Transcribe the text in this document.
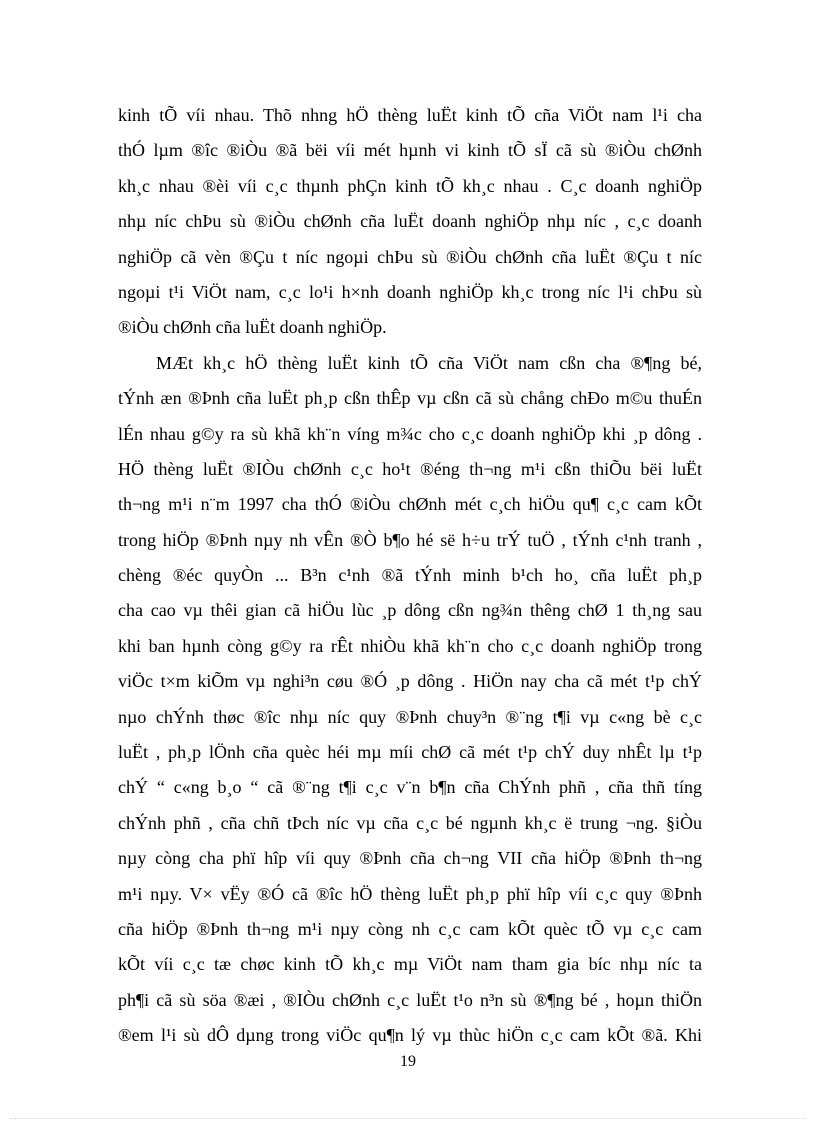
kinh tÕ víi nhau. Thõ nhng hÖ thèng luËt kinh tÕ cña ViÖt nam l¹i cha
thÓ lµm ®îc ®iÒu ®ã bëi víi mét hµnh vi kinh tÕ sÏ cã sù ®iÒu chØnh
kh¸c nhau ®èi víi c¸c thµnh phÇn kinh tÕ kh¸c nhau . C¸c doanh nghiÖp
nhµ níc chÞu sù ®iÒu chØnh cña luËt doanh nghiÖp nhµ níc , c¸c doanh
nghiÖp cã vèn ®Çu t níc ngoµi chÞu sù ®iÒu chØnh cña luËt ®Çu t níc
ngoµi t¹i ViÖt nam, c¸c lo¹i h×nh doanh nghiÖp kh¸c trong níc l¹i chÞu sù
®iÒu chØnh cña luËt doanh nghiÖp.
MÆt kh¸c hÖ thèng luËt kinh tÕ cña ViÖt nam cßn cha ®¶ng bé,
tÝnh æn ®Þnh cña luËt ph¸p cßn thÊp vµ cßn cã sù chång chÐo m©u thuÉn
lÉn nhau g©y ra sù khã kh¨n víng m¾c cho c¸c doanh nghiÖp khi ¸p dông .
HÖ thèng luËt ®IÒu chØnh c¸c ho¹t ®éng th¬ng m¹i cßn thiÕu bëi luËt
th¬ng m¹i n¨m 1997 cha thÓ ®iÒu chØnh mét c¸ch hiÖu qu¶ c¸c cam kÕt
trong hiÖp ®Þnh nµy nh vÊn ®Ò b¶o hé së h÷u trÝ tuÖ , tÝnh c¹nh tranh ,
chèng ®éc quyÒn ... B³n c¹nh ®ã tÝnh minh b¹ch ho¸ cña luËt ph¸p
cha cao vµ thêi gian cã hiÖu lùc ¸p dông cßn ng¾n thêng chØ 1 th¸ng sau
khi ban hµnh còng g©y ra rÊt nhiÒu khã kh¨n cho c¸c doanh nghiÖp trong
viÖc t×m kiÕm vµ nghi³n cøu ®Ó ¸p dông . HiÖn nay cha cã mét t¹p chÝ
nµo chÝnh thøc ®îc nhµ níc quy ®Þnh chuy³n ®¨ng t¶i vµ c«ng bè c¸c
luËt , ph¸p lÖnh cña quèc héi mµ míi chØ cã mét t¹p chÝ duy nhÊt lµ t¹p
chÝ “ c«ng b¸o “ cã ®¨ng t¶i c¸c v¨n b¶n cña ChÝnh phñ , cña thñ tíng
chÝnh phñ , cña chñ tÞch níc vµ cña c¸c bé ngµnh kh¸c ë trung ¬ng. §iÒu
nµy còng cha phï hîp víi quy ®Þnh cña ch¬ng VII cña hiÖp ®Þnh th¬ng
m¹i nµy. V× vËy ®Ó cã ®îc hÖ thèng luËt ph¸p phï hîp víi c¸c quy ®Þnh
cña hiÖp ®Þnh th¬ng m¹i nµy còng nh c¸c cam kÕt quèc tÕ vµ c¸c cam
kÕt víi c¸c tæ chøc kinh tÕ kh¸c mµ ViÖt nam tham gia bíc nhµ níc ta
ph¶i cã sù söa ®æi , ®IÒu chØnh c¸c luËt t¹o n³n sù ®¶ng bé , hoµn thiÖn
®em l¹i sù dÔ dµng trong viÖc qu¶n lý vµ thùc hiÖn c¸c cam kÕt ®ã. Khi
19
